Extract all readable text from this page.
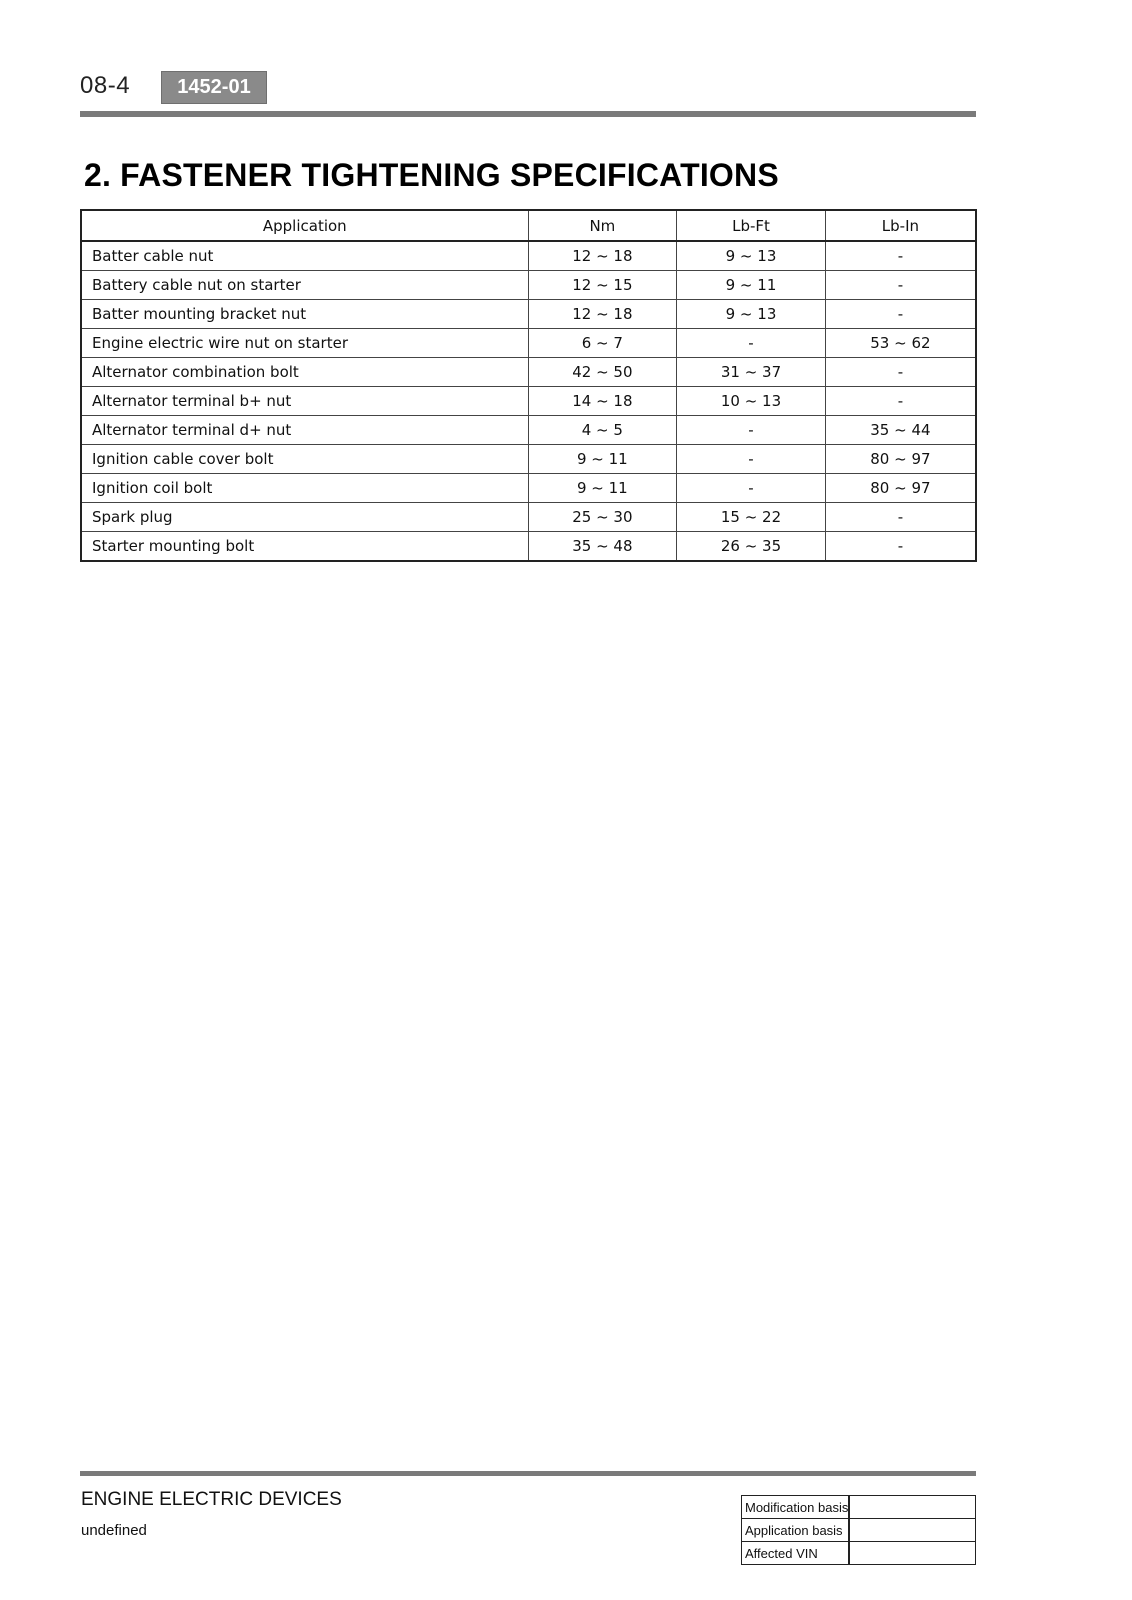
08-4	1452-01
2. FASTENER TIGHTENING SPECIFICATIONS
Application	Nm	Lb-Ft	Lb-In
Batter cable nut	12 ~ 18	9 ~ 13	-
Battery cable nut on starter	12 ~ 15	9 ~ 11	-
Batter mounting bracket nut	12 ~ 18	9 ~ 13	-
Engine electric wire nut on starter	6 ~ 7	-	53 ~ 62
Alternator combination bolt	42 ~ 50	31 ~ 37	-
Alternator terminal b+ nut	14 ~ 18	10 ~ 13	-
Alternator terminal d+ nut	4 ~ 5	-	35 ~ 44
Ignition cable cover bolt	9 ~ 11	-	80 ~ 97
Ignition coil bolt	9 ~ 11	-	80 ~ 97
Spark plug	25 ~ 30	15 ~ 22	-
Starter mounting bolt	35 ~ 48	26 ~ 35	-
ENGINE ELECTRIC DEVICES
undefined
Modification basis	
Application basis	
Affected VIN	
